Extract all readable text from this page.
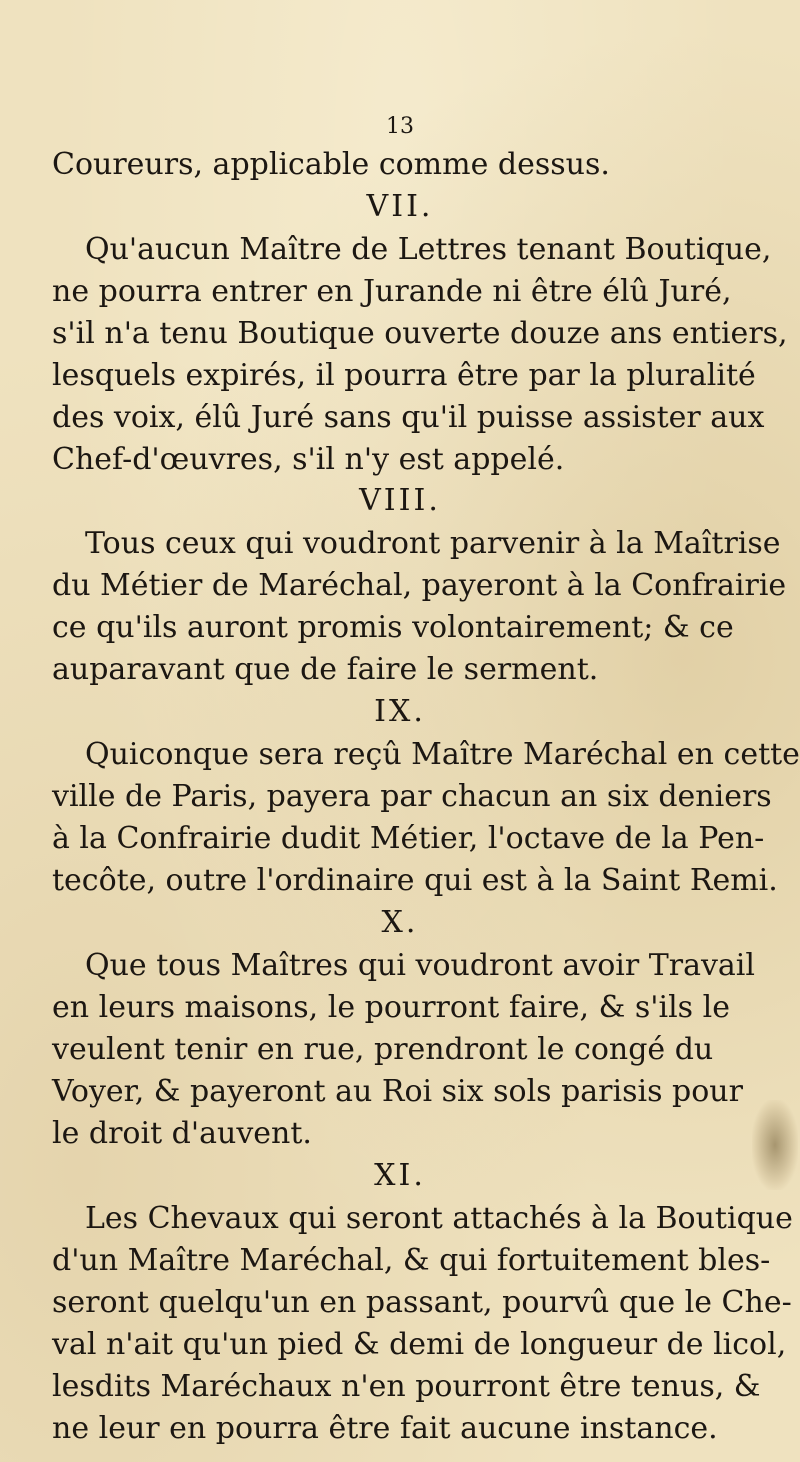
13
Coureurs, applicable comme dessus.
VII.
Qu'aucun Maître de Lettres tenant Boutique,
ne pourra entrer en Jurande ni être élû Juré,
s'il n'a tenu Boutique ouverte douze ans entiers,
lesquels expirés, il pourra être par la pluralité
des voix, élû Juré sans qu'il puisse assister aux
Chef-d'œuvres, s'il n'y est appelé.
VIII.
Tous ceux qui voudront parvenir à la Maîtrise
du Métier de Maréchal, payeront à la Confrairie
ce qu'ils auront promis volontairement; & ce
auparavant que de faire le serment.
IX.
Quiconque sera reçû Maître Maréchal en cette
ville de Paris, payera par chacun an six deniers
à la Confrairie dudit Métier, l'octave de la Pen-
tecôte, outre l'ordinaire qui est à la Saint Remi.
X.
Que tous Maîtres qui voudront avoir Travail
en leurs maisons, le pourront faire, & s'ils le
veulent tenir en rue, prendront le congé du
Voyer, & payeront au Roi six sols parisis pour
le droit d'auvent.
XI.
Les Chevaux qui seront attachés à la Boutique
d'un Maître Maréchal, & qui fortuitement bles-
seront quelqu'un en passant, pourvû que le Che-
val n'ait qu'un pied & demi de longueur de licol,
lesdits Maréchaux n'en pourront être tenus, &
ne leur en pourra être fait aucune instance.
